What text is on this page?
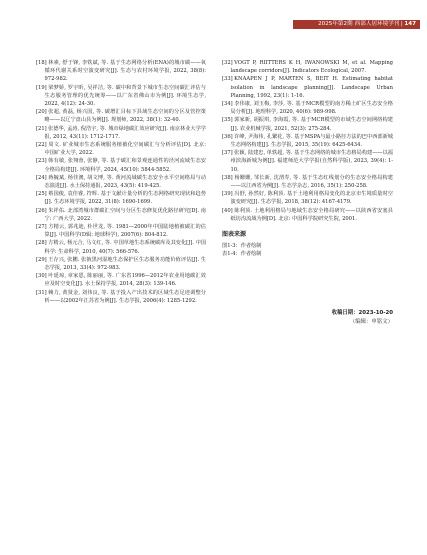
2025年第2期 西部人居环境学刊 | 147
[18] 林素, 舒于锋, 李铁斌, 等. 基于生态网络分析(ENA)的城市碳——氧循环代谢关系时空演变研究[J]. 生态与农村环境学报, 2022, 38(8): 972-982.
[19] 梁梦娇, 罗宇昕, 吴祥洁, 等. 碳中和背景下城市生态空间碳汇评估与生态服务管理的优先统筹——以广东省佛山市为例[J]. 环境生态学, 2022, 4(12): 24-30.
[20] 张超, 黄磊, 杨兴国, 等. 碳增汇目标下县域生态空间的分区及管控策略——以辽宁盘山县为例[J]. 规划师, 2022, 38(1): 32-40.
[21] 张德华, 孟涛, 倪浩宇, 等. 城市绿地碳汇效应研究[J]. 南京林业大学学报, 2012, 43(11): 1712-1717.
[22] 周文. 矿业城市生态系统服务植被化空间碳汇与分析评估[D]. 北京: 中国矿业大学, 2022.
[23] 韩有敏, 张翔蓉, 张静, 等. 基于碳汇和景观连通性的泾河流域生态安全格局构建[J]. 环境科学, 2024, 45(10): 5844-5852.
[24] 蒋毓斌, 杨佳澳, 胡文博, 等. 黄河流域碳生态安全水平空间格局与动态演进[J]. 水土保持通报, 2023, 43(5): 419-425.
[25] 蔡国俊, 袁佳睿, 符辉. 基于文献计量分析的生态网络研究现状和趋势[J]. 生态环境学报, 2022, 31(8): 1690-1699.
[26] 朱祥佑. 北部湾城市群碳汇空间与分区生态修复优化路径研究[D]. 南宁: 广西大学, 2022.
[27] 方精云, 郭兆迪, 朴世龙, 等. 1981—2000年中国陆地植被碳汇的估算[J]. 中国科学(D辑: 地球科学), 2007(6): 804-812.
[28] 方精云, 杨元合, 马文红, 等. 中国草地生态系统碳库及其变化[J]. 中国科学: 生命科学, 2010, 40(7): 566-576.
[29] 王存兴, 张鹏. 张掖黑河湿地生态保护区生态服务功能价值评估[J]. 生态学报, 2013, 33(4): 972-983.
[30] 叶延琼, 章家恩, 陈丽丽, 等. 广东省1996—2012年农业用地碳汇效应及时空变化[J]. 水土保持学报, 2014, 28(3): 139-146.
[31] 赖力, 黄贤金, 刘伟良, 等. 基于投入产出技术的区域生态足迹调整分析——以2002年江苏省为例[J]. 生态学报, 2006(4): 1285-1292.
[32] VOGT P, RIITTERS K H, IWANOWSKI M, et al. Mapping landscape corridors[J]. Indicators Ecological, 2007.
[33] KNAAPEN J P, MARTEN S, BEIT H. Estimating habitat isolation in landscape planning[J]. Landscape Urban Planning, 1992, 23(1): 1-16.
[34] 李伟康, 刘玉梅, 李莎, 等. 基于MCR模型的南方稀土矿区生态安全格局分析[J]. 地理科学, 2020, 40(6): 989-998.
[35] 郭家新, 胡振琪, 李海霞, 等. 基于MCR模型的市域生态空间网络构建[J]. 农业机械学报, 2021, 52(3): 275-284.
[36] 许峰, 尹海伟, 孔繁花, 等. 基于MSPA与最小路径方法的巴中西部新城生态网络构建[J]. 生态学报, 2015, 35(19): 6425-6434.
[37] 张颖, 陆建忠, 单轶超, 等. 基于生态网络的城市生态格局构建——以福州滨海新城为例[J]. 福建师范大学学报(自然科学版), 2023, 39(4): 1-10.
[38] 杨姗姗, 邹长新, 沈渭寿, 等. 基于生态红线划分的生态安全格局构建——以江西省为例[J]. 生态学杂志, 2016, 35(1): 250-258.
[39] 冯舒, 孙然好, 陈利顶. 基于土地利用格局变化的北京市生境质量时空演变研究[J]. 生态学报, 2018, 38(12): 4167-4179.
[40] 陈利顶. 土地利用格局与地域生态安全格局研究——以陕西省安塞县纸坊沟流域为例[D]. 北京: 中国科学院研究生院, 2001.
图表来源
图1-3：作者绘制
表1-4：作者绘制
收稿日期：2023-10-20
（编辑：申铭文）
